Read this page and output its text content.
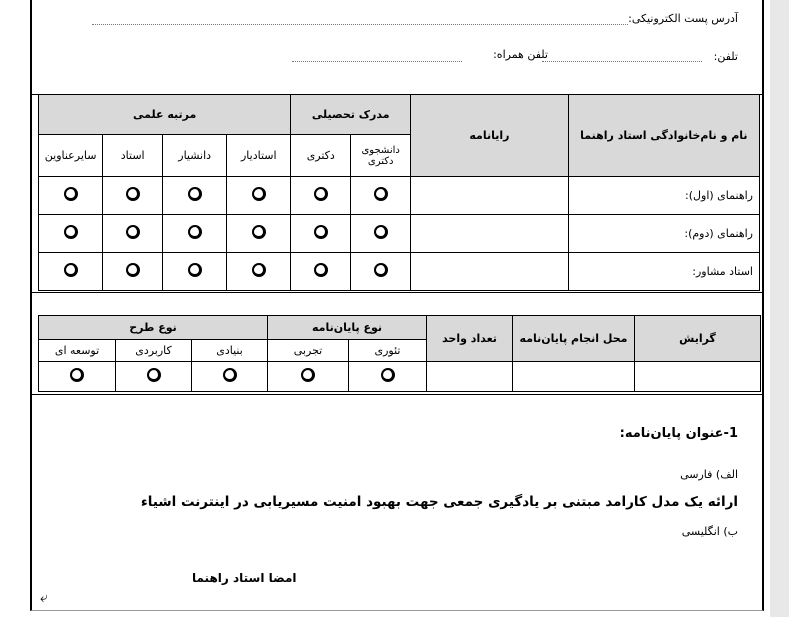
آدرس پست الکترونیکی:
تلفن:
تلفن همراه:
نام و نام‌خانوادگی استاد راهنما	رایانامه	مدرک تحصیلی		مرتبه علمی			
		دانشجوی دکتری	دکتری	استادیار	دانشیار	استاد	سایرعناوین
راهنمای (اول):							
راهنمای (دوم):							
استاد مشاور:							
گرایش	محل انجام پایان‌نامه	تعداد واحد	نوع پایان‌نامه		نوع طرح		
			تئوری	تجربی	بنیادی	کاربردی	توسعه ای

1-عنوان پایان‌نامه:
الف) فارسی
ارائه یک مدل کارامد مبتنی بر یادگیری جمعی جهت بهبود امنیت مسیریابی در اینترنت اشیاء
ب) انگلیسی
امضا استاد راهنما
⤶
